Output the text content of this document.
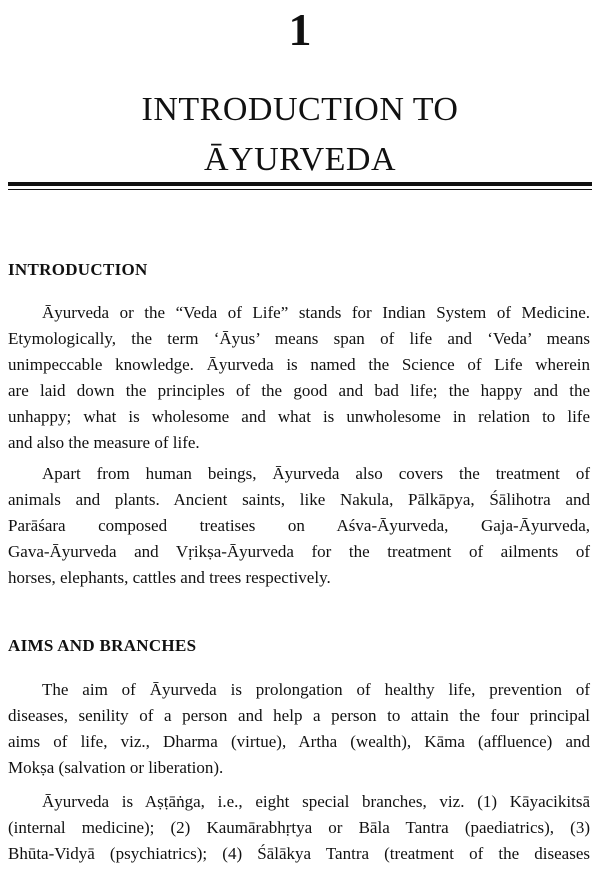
1
INTRODUCTION TO
ĀYURVEDA
INTRODUCTION

Āyurveda or the “Veda of Life” stands for Indian System of Medicine.
Etymologically, the term ‘Āyus’ means span of life and ‘Veda’ means
unimpeccable knowledge. Āyurveda is named the Science of Life wherein
are laid down the principles of the good and bad life; the happy and the
unhappy; what is wholesome and what is unwholesome in relation to life
and also the measure of life.

Apart from human beings, Āyurveda also covers the treatment of
animals and plants. Ancient saints, like Nakula, Pālkāpya, Śālihotra and
Parāśara composed treatises on Aśva-Āyurveda, Gaja-Āyurveda,
Gava-Āyurveda and Vṛikṣa-Āyurveda for the treatment of ailments of
horses, elephants, cattles and trees respectively.

AIMS AND BRANCHES

The aim of Āyurveda is prolongation of healthy life, prevention of
diseases, senility of a person and help a person to attain the four principal
aims of life, viz., Dharma (virtue), Artha (wealth), Kāma (affluence) and
Mokṣa (salvation or liberation).

Āyurveda is Aṣṭāṅga, i.e., eight special branches, viz. (1) Kāyacikitsā
(internal medicine); (2) Kaumārabhṛtya or Bāla Tantra (paediatrics), (3)
Bhūta-Vidyā (psychiatrics); (4) Śālākya Tantra (treatment of the diseases
